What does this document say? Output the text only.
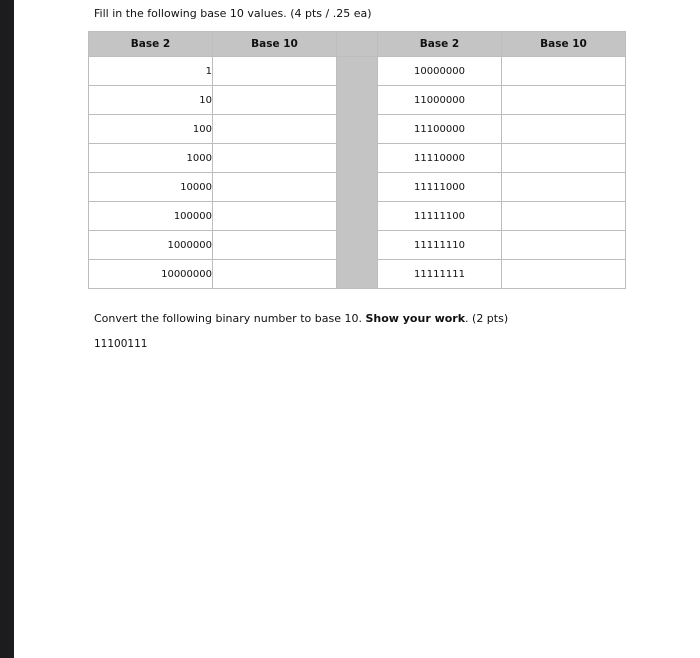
Fill in the following base 10 values. (4 pts / .25 ea)
Base 2	Base 10		Base 2	Base 10
1			10000000	
10			11000000	
100			11100000	
1000			11110000	
10000			11111000	
100000			11111100	
1000000			11111110	
10000000			11111111	
Convert the following binary number to base 10. Show your work. (2 pts)
11100111
